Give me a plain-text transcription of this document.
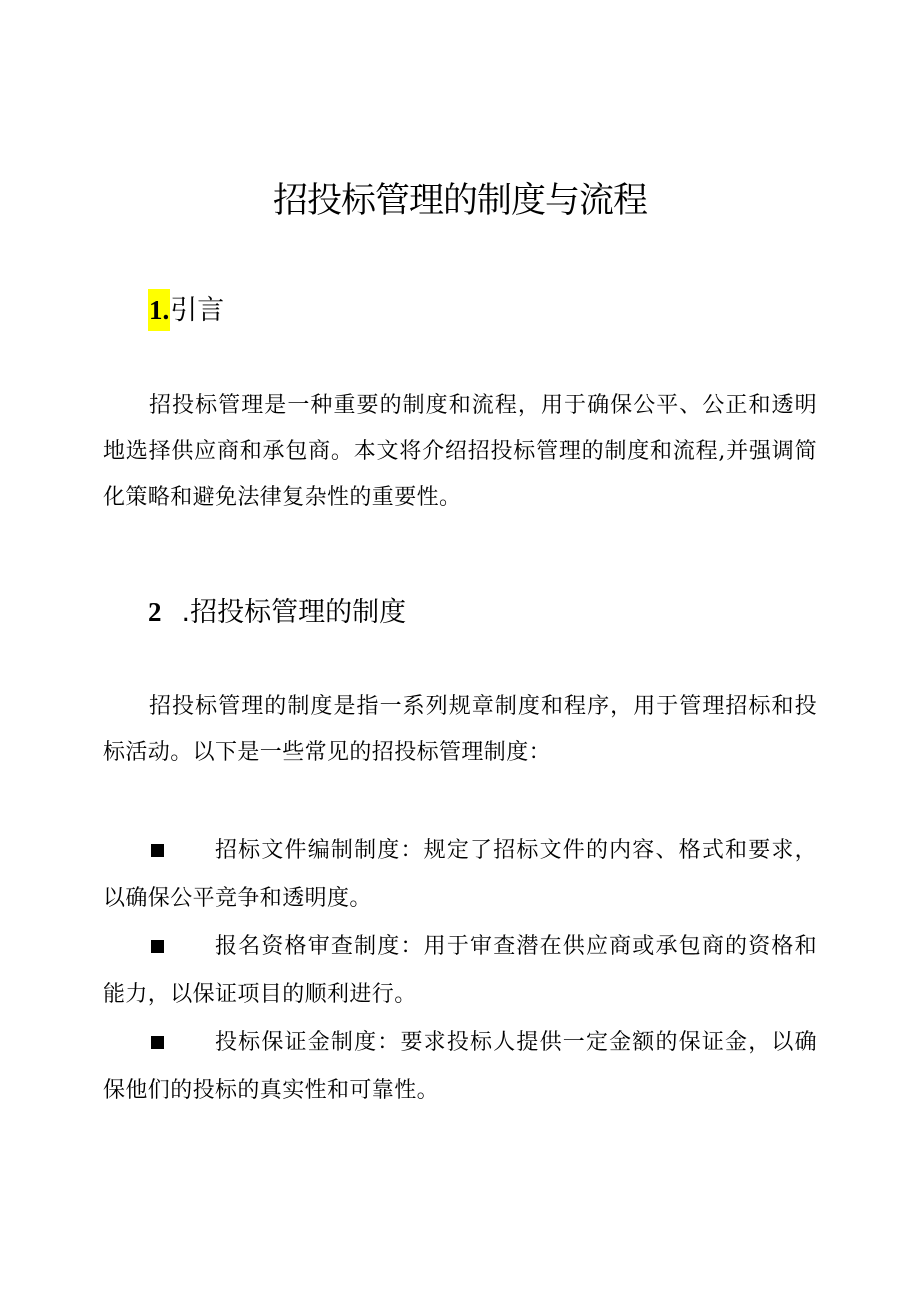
招投标管理的制度与流程
1.引言

招投标管理是一种重要的制度和流程，用于确保公平、公正和透明地选择供应商和承包商。本文将介绍招投标管理的制度和流程,并强调简化策略和避免法律复杂性的重要性。

2 .招投标管理的制度

招投标管理的制度是指一系列规章制度和程序，用于管理招标和投标活动。以下是一些常见的招投标管理制度：

招标文件编制制度：规定了招标文件的内容、格式和要求，以确保公平竞争和透明度。
报名资格审查制度：用于审查潜在供应商或承包商的资格和能力，以保证项目的顺利进行。
投标保证金制度：要求投标人提供一定金额的保证金，以确保他们的投标的真实性和可靠性。
